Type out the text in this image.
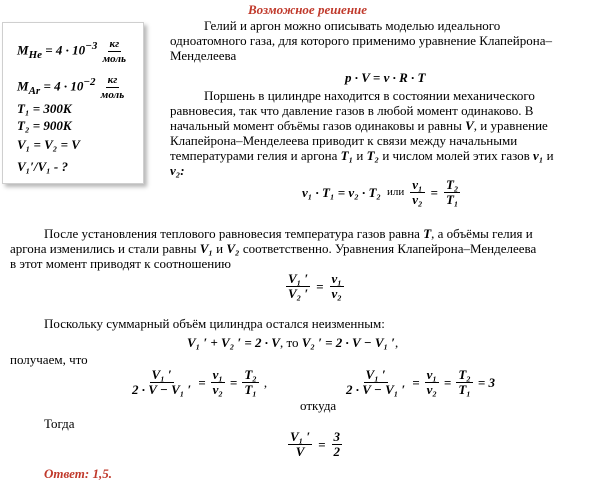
Возможное решение
$M_{He} = 4 \cdot 10^{-3} \frac{кг}{\text{моль}}$
$M_{Ar} = 4 \cdot 10^{-2} \frac{кг}{\text{моль}}$
T₁ = 300K
T₂ = 900K
V₁ = V₂ = V
V₁′/V₁ - ?
Гелий и аргон можно описывать моделью идеального
одноатомного газа, для которого применимо уравнение Клапейрона–
Менделеева
p · V = ν · R · T
Поршень в цилиндре находится в состоянии механического
равновесия, так что давление газов в любой момент одинаково. В
начальный момент объёмы газов одинаковы и равны V, и уравнение
Клапейрона–Менделеева приводит к связи между начальными
температурами гелия и аргона T₁ и T₂ и числом молей этих газов ν₁ и
ν₂:
ν₁ · T₁ = ν₂ · T₂ или $\frac{\text{ν₁}}{\text{ν₂}} = \frac{\text{T₂}}{\text{T₁}}$
После установления теплового равновесия температура газов равна T, а объёмы гелия и
аргона изменились и стали равны V₁ и V₂ соответственно. Уравнения Клапейрона–Менделеева
в этот момент приводят к соотношению
$\frac{\text{V₁ ′}}{\text{V₂ ′}} = \frac{\text{ν₁}}{\text{ν₂}}$
Поскольку суммарный объём цилиндра остался неизменным:
V₁ ′ + V₂ ′ = 2 · V, то V₂ ′ = 2 · V − V₁ ′,
получаем, что
$\frac{\text{V₁ ′}}{\text{2 · V − V₁ ′}} = \frac{\text{ν₁}}{\text{ν₂}} = \frac{\text{T₂}}{\text{T₁}}$ ,
откуда
$\frac{\text{V₁ ′}}{\text{2 · V − V₁ ′}} = \frac{\text{ν₁}}{\text{ν₂}} = \frac{\text{T₂}}{\text{T₁}} = 3$
Тогда
$\frac{\text{V₁ ′}}{V} = \frac{3}{2}$
Ответ: 1,5.
